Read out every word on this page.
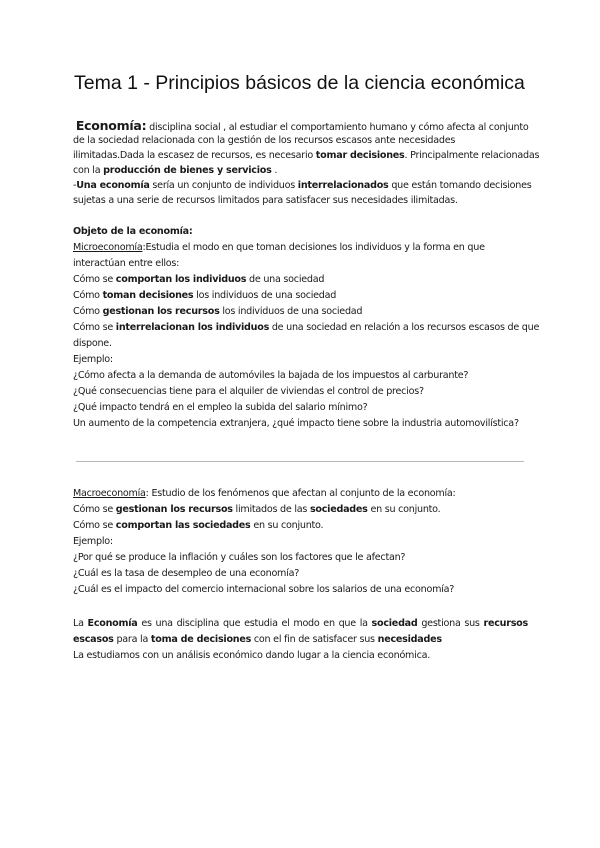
Tema 1 - Principios básicos de la ciencia económica
Economía: disciplina social , al estudiar el comportamiento humano y cómo afecta al conjunto
de la sociedad relacionada con la gestión de los recursos escasos ante necesidades
ilimitadas.Dada la escasez de recursos, es necesario tomar decisiones. Principalmente relacionadas
con la producción de bienes y servicios .
-Una economía sería un conjunto de individuos interrelacionados que están tomando decisiones
sujetas a una serie de recursos limitados para satisfacer sus necesidades ilimitadas.
Objeto de la economía:
Microeconomía:Estudia el modo en que toman decisiones los individuos y la forma en que
interactúan entre ellos:
Cómo se comportan los individuos de una sociedad
Cómo toman decisiones los individuos de una sociedad
Cómo gestionan los recursos los individuos de una sociedad
Cómo se interrelacionan los individuos de una sociedad en relación a los recursos escasos de que
dispone.
Ejemplo:
¿Cómo afecta a la demanda de automóviles la bajada de los impuestos al carburante?
¿Qué consecuencias tiene para el alquiler de viviendas el control de precios?
¿Qué impacto tendrá en el empleo la subida del salario mínimo?
Un aumento de la competencia extranjera, ¿qué impacto tiene sobre la industria automovilística?
Macroeconomía: Estudio de los fenómenos que afectan al conjunto de la economía:
Cómo se gestionan los recursos limitados de las sociedades en su conjunto.
Cómo se comportan las sociedades en su conjunto.
Ejemplo:
¿Por qué se produce la inflación y cuáles son los factores que le afectan?
¿Cuál es la tasa de desempleo de una economía?
¿Cuál es el impacto del comercio internacional sobre los salarios de una economía?
La Economía es una disciplina que estudia el modo en que la sociedad gestiona sus recursos escasos para la toma de decisiones con el fin de satisfacer sus necesidades
La estudiamos con un análisis económico dando lugar a la ciencia económica.
